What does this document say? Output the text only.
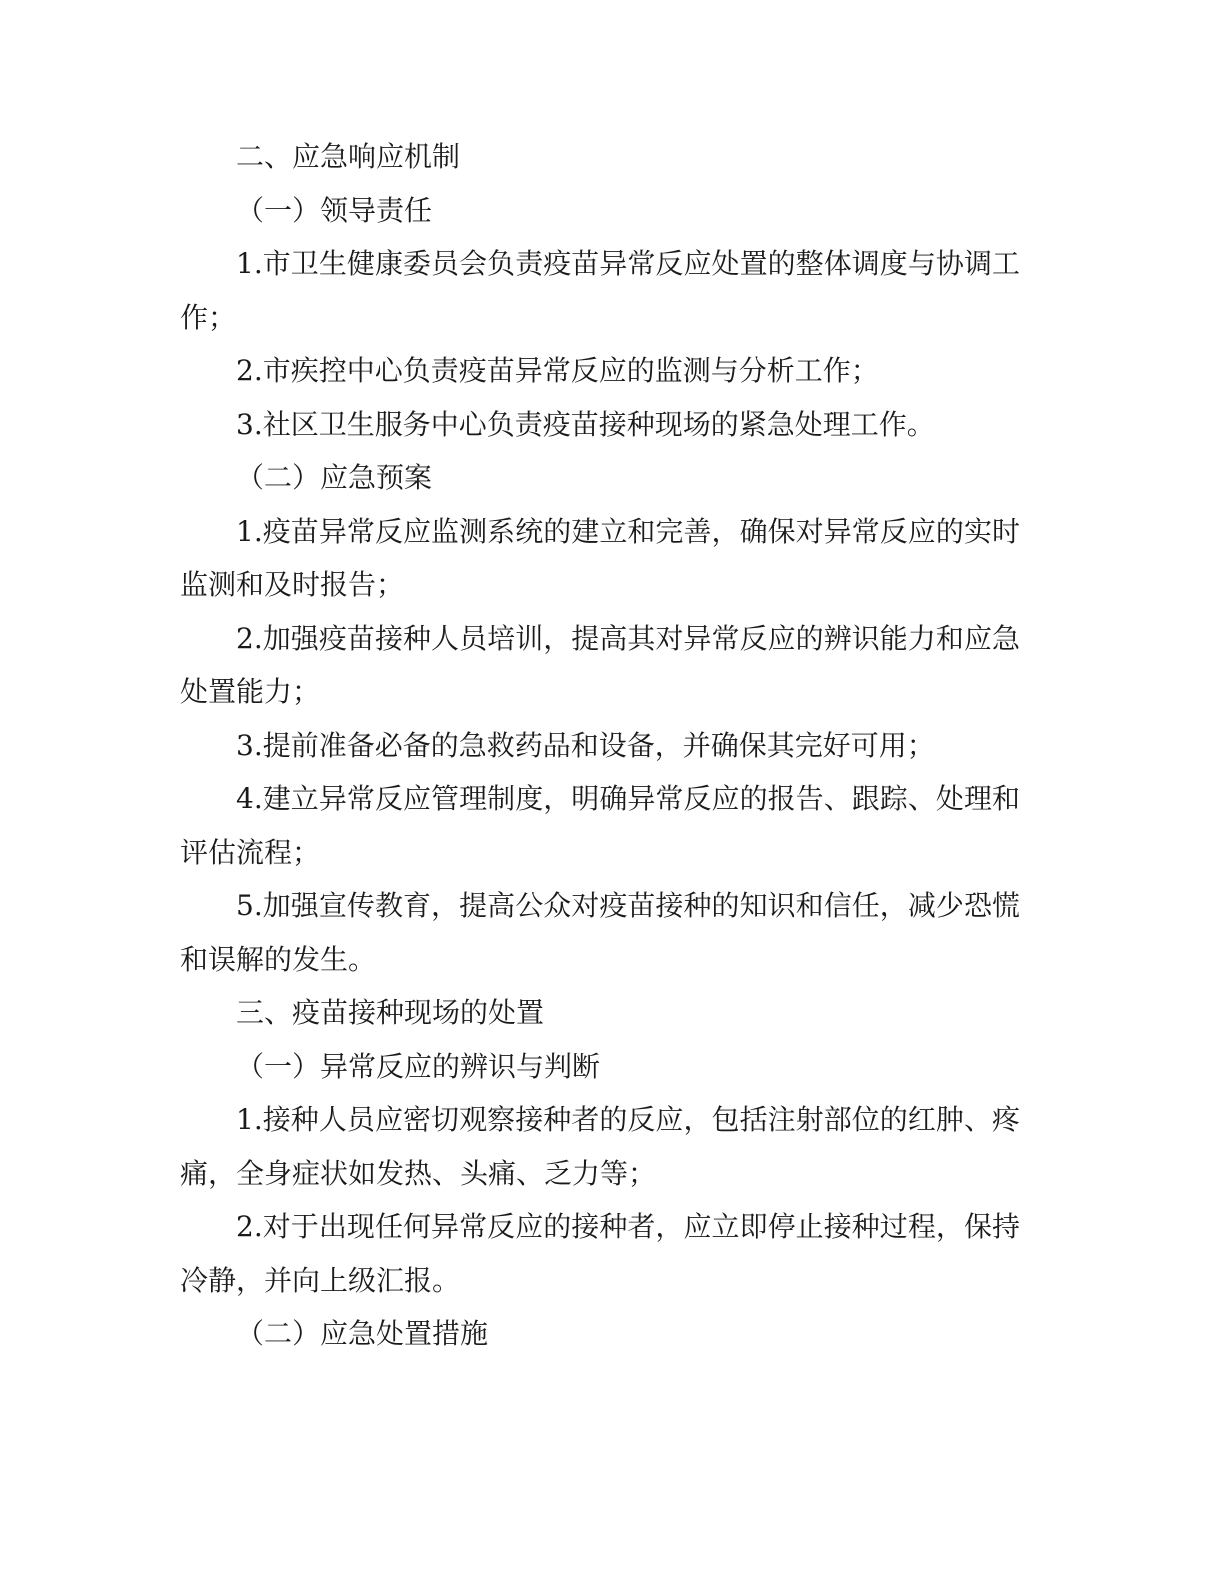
二、应急响应机制

（一）领导责任

1.市卫生健康委员会负责疫苗异常反应处置的整体调度与协调工作；

2.市疾控中心负责疫苗异常反应的监测与分析工作；

3.社区卫生服务中心负责疫苗接种现场的紧急处理工作。

（二）应急预案

1.疫苗异常反应监测系统的建立和完善，确保对异常反应的实时监测和及时报告；

2.加强疫苗接种人员培训，提高其对异常反应的辨识能力和应急处置能力；

3.提前准备必备的急救药品和设备，并确保其完好可用；

4.建立异常反应管理制度，明确异常反应的报告、跟踪、处理和评估流程；

5.加强宣传教育，提高公众对疫苗接种的知识和信任，减少恐慌和误解的发生。

三、疫苗接种现场的处置

（一）异常反应的辨识与判断

1.接种人员应密切观察接种者的反应，包括注射部位的红肿、疼痛，全身症状如发热、头痛、乏力等；

2.对于出现任何异常反应的接种者，应立即停止接种过程，保持冷静，并向上级汇报。

（二）应急处置措施
